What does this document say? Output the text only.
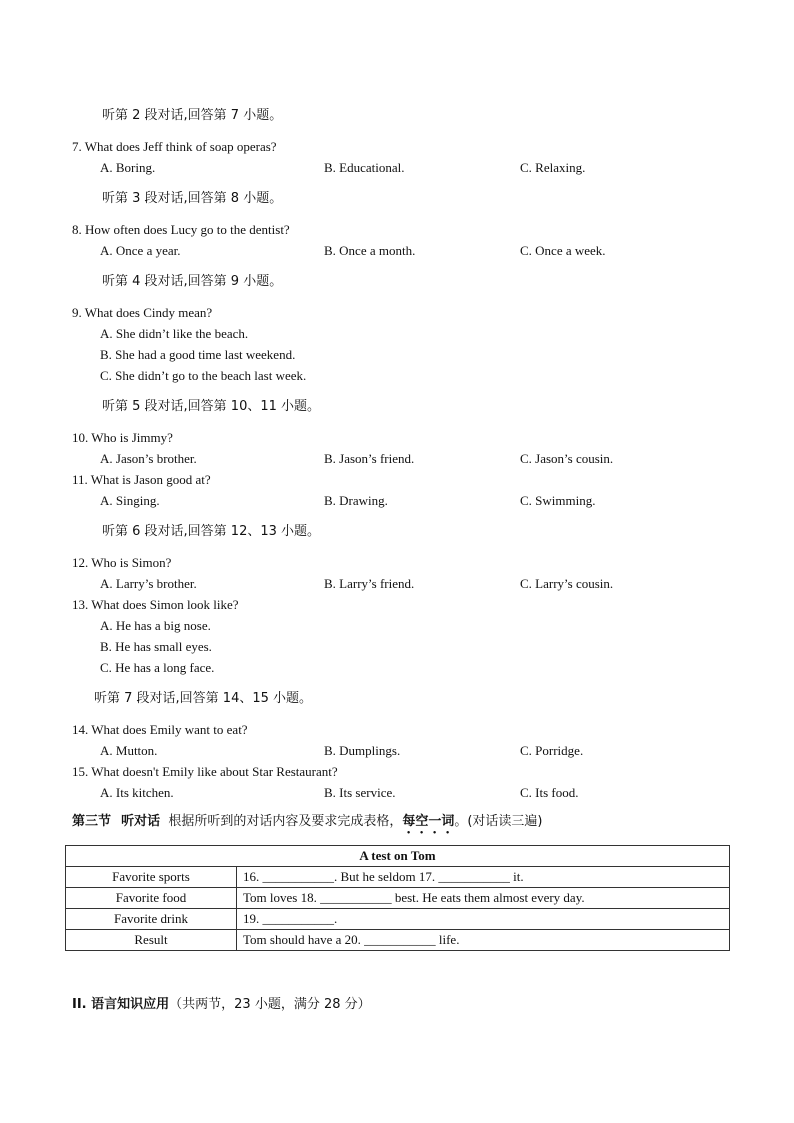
听第 2 段对话,回答第 7 小题。
7. What does Jeff think of soap operas?
A. Boring.	B. Educational.	C. Relaxing.
听第 3 段对话,回答第 8 小题。
8. How often does Lucy go to the dentist?
A. Once a year.	B. Once a month.	C. Once a week.
听第 4 段对话,回答第 9 小题。
9. What does Cindy mean?
A. She didn’t like the beach.
B. She had a good time last weekend.
C. She didn’t go to the beach last week.
听第 5 段对话,回答第 10、11 小题。
10. Who is Jimmy?
A. Jason’s brother.	B. Jason’s friend.	C. Jason’s cousin.
11. What is Jason good at?
A. Singing.	B. Drawing.	C. Swimming.
听第 6 段对话,回答第 12、13 小题。
12. Who is Simon?
A. Larry’s brother.	B. Larry’s friend.	C. Larry’s cousin.
13. What does Simon look like?
A. He has a big nose.
B. He has small eyes.
C. He has a long face.
听第 7 段对话,回答第 14、15 小题。
14. What does Emily want to eat?
A. Mutton.	B. Dumplings.	C. Porridge.
15. What doesn't Emily like about Star Restaurant?
A. Its kitchen.	B. Its service.	C. Its food.
第三节 听对话 根据所听到的对话内容及要求完成表格，每空一词。(对话读三遍)
A test on Tom	
Favorite sports	16. ___________. But he seldom 17. ___________ it.
Favorite food	Tom loves 18. ___________ best. He eats them almost every day.
Favorite drink	19. ___________.
Result	Tom should have a 20. ___________ life.
II. 语言知识应用（共两节，23 小题，满分 28 分）
